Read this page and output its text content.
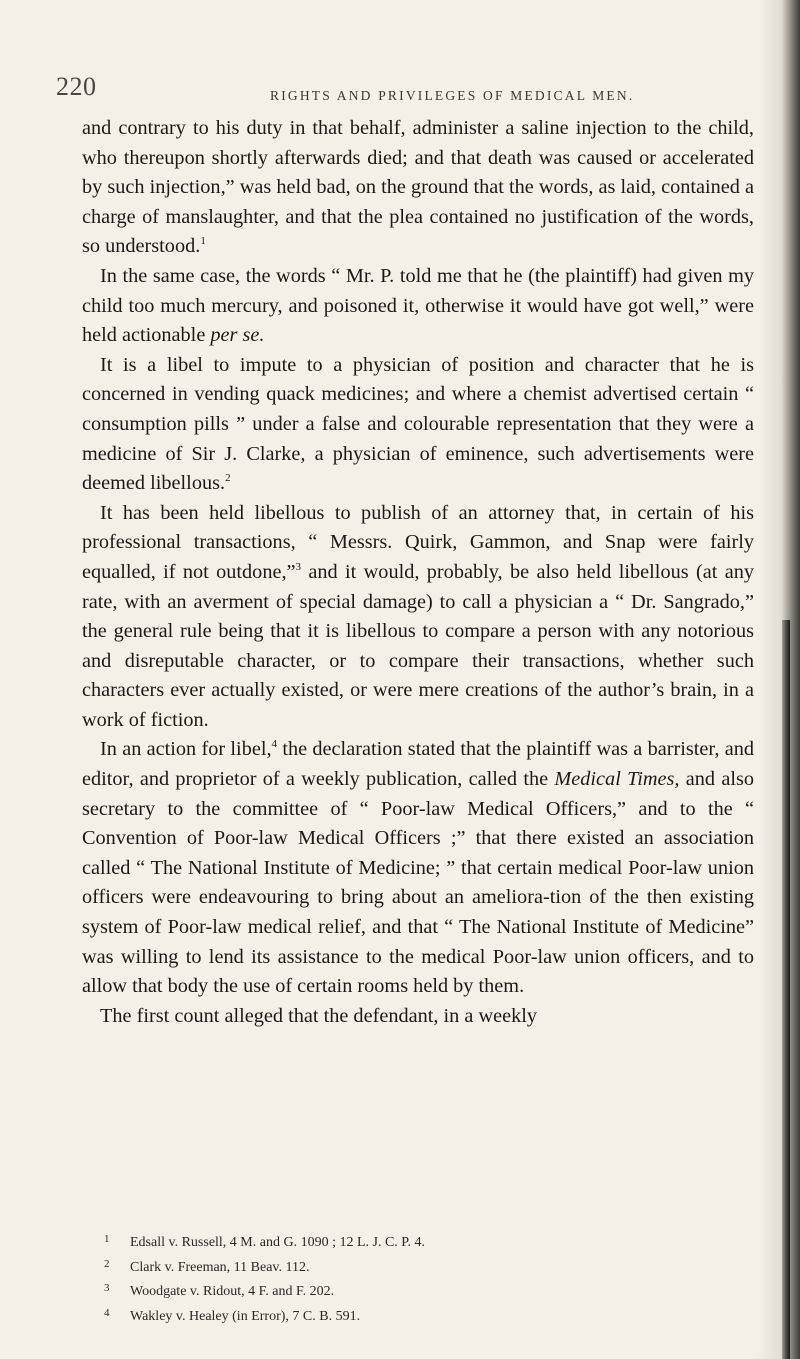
220	RIGHTS AND PRIVILEGES OF MEDICAL MEN.

and contrary to his duty in that behalf, administer a saline injection to the child, who thereupon shortly afterwards died; and that death was caused or accelerated by such injection,” was held bad, on the ground that the words, as laid, contained a charge of manslaughter, and that the plea contained no justification of the words, so understood.$^1$

In the same case, the words “ Mr. P. told me that he (the plaintiff) had given my child too much mercury, and poisoned it, otherwise it would have got well,” were held actionable per se.

It is a libel to impute to a physician of position and character that he is concerned in vending quack medicines; and where a chemist advertised certain “ consumption pills ” under a false and colourable representation that they were a medicine of Sir J. Clarke, a physician of eminence, such advertisements were deemed libellous.$^2$

It has been held libellous to publish of an attorney that, in certain of his professional transactions, “ Messrs. Quirk, Gammon, and Snap were fairly equalled, if not outdone,”$^3$ and it would, probably, be also held libellous (at any rate, with an averment of special damage) to call a physician a “ Dr. Sangrado,” the general rule being that it is libellous to compare a person with any notorious and disreputable character, or to compare their transactions, whether such characters ever actually existed, or were mere creations of the author’s brain, in a work of fiction.

In an action for libel,$^4$ the declaration stated that the plaintiff was a barrister, and editor, and proprietor of a weekly publication, called the Medical Times, and also secretary to the committee of “ Poor-law Medical Officers,” and to the “ Convention of Poor-law Medical Officers ;” that there existed an association called “ The National Institute of Medicine; ” that certain medical Poor-law union officers were endeavouring to bring about an ameliora-tion of the then existing system of Poor-law medical relief, and that “ The National Institute of Medicine” was willing to lend its assistance to the medical Poor-law union officers, and to allow that body the use of certain rooms held by them.

The first count alleged that the defendant, in a weekly

1 Edsall v. Russell, 4 M. and G. 1090 ; 12 L. J. C. P. 4.
2 Clark v. Freeman, 11 Beav. 112.
3 Woodgate v. Ridout, 4 F. and F. 202.
4 Wakley v. Healey (in Error), 7 C. B. 591.
